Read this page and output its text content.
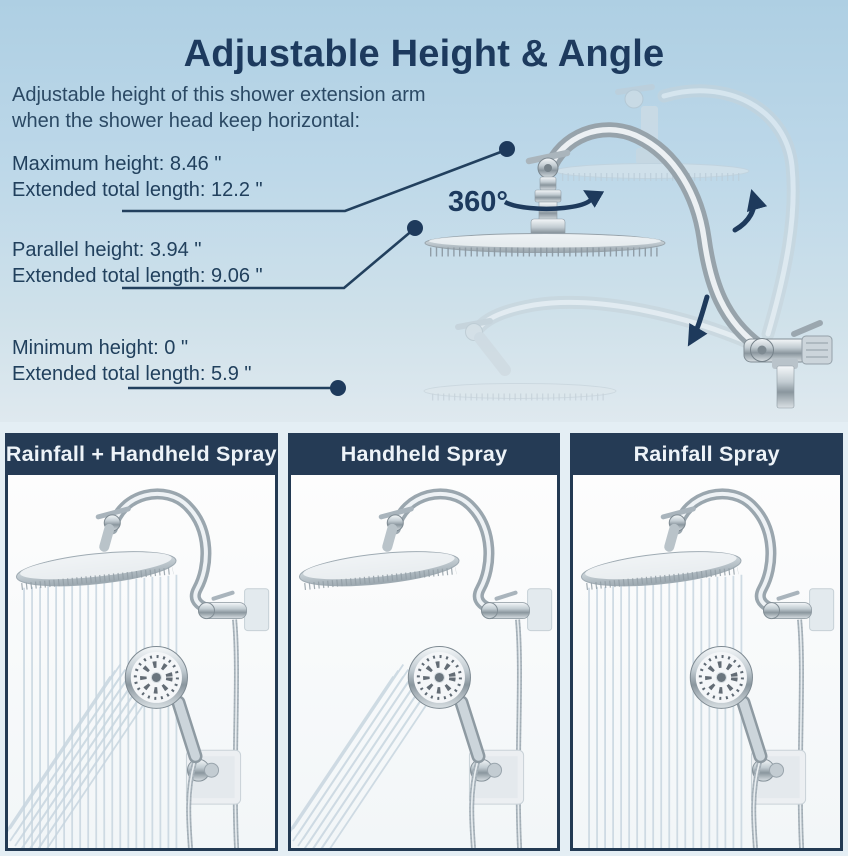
Adjustable Height & Angle
Adjustable height of this shower extension arm
when the shower head keep horizontal:
Maximum height: 8.46 "
Extended total length: 12.2 "
Parallel height: 3.94 "
Extended total length: 9.06 "
Minimum height: 0 "
Extended total length: 5.9 "
360°
Rainfall + Handheld Spray	Handheld Spray	Rainfall Spray
